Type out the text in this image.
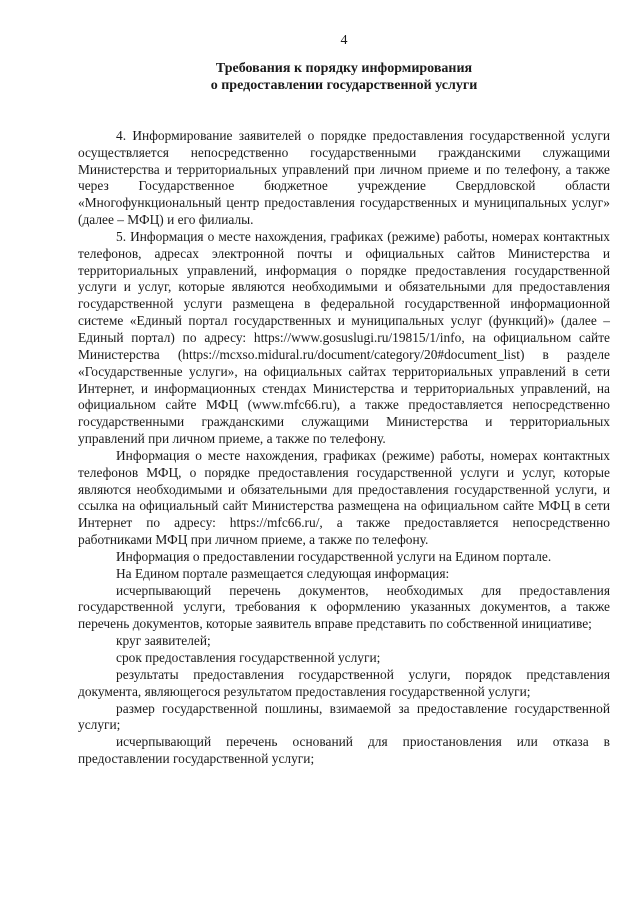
4
Требования к порядку информирования
о предоставлении государственной услуги

4. Информирование заявителей о порядке предоставления государственной услуги осуществляется непосредственно государственными гражданскими служащими Министерства и территориальных управлений при личном приеме и по телефону, а также через Государственное бюджетное учреждение Свердловской области «Многофункциональный центр предоставления государственных и муниципальных услуг» (далее – МФЦ) и его филиалы.

5. Информация о месте нахождения, графиках (режиме) работы, номерах контактных телефонов, адресах электронной почты и официальных сайтов Министерства и территориальных управлений, информация о порядке предоставления государственной услуги и услуг, которые являются необходимыми и обязательными для предоставления государственной услуги размещена в федеральной государственной информационной системе «Единый портал государственных и муниципальных услуг (функций)» (далее – Единый портал) по адресу: https://www.gosuslugi.ru/19815/1/info, на официальном сайте Министерства (https://mcxso.midural.ru/document/category/20#document_list) в разделе «Государственные услуги», на официальных сайтах территориальных управлений в сети Интернет, и информационных стендах Министерства и территориальных управлений, на официальном сайте МФЦ (www.mfc66.ru), а также предоставляется непосредственно государственными гражданскими служащими Министерства и территориальных управлений при личном приеме, а также по телефону.

Информация о месте нахождения, графиках (режиме) работы, номерах контактных телефонов МФЦ, о порядке предоставления государственной услуги и услуг, которые являются необходимыми и обязательными для предоставления государственной услуги, и ссылка на официальный сайт Министерства размещена на официальном сайте МФЦ в сети Интернет по адресу: https://mfc66.ru/, а также предоставляется непосредственно работниками МФЦ при личном приеме, а также по телефону.

Информация о предоставлении государственной услуги на Едином портале.

На Едином портале размещается следующая информация:

исчерпывающий перечень документов, необходимых для предоставления государственной услуги, требования к оформлению указанных документов, а также перечень документов, которые заявитель вправе представить по собственной инициативе;

круг заявителей;

срок предоставления государственной услуги;

результаты предоставления государственной услуги, порядок представления документа, являющегося результатом предоставления государственной услуги;

размер государственной пошлины, взимаемой за предоставление государственной услуги;

исчерпывающий перечень оснований для приостановления или отказа в предоставлении государственной услуги;
